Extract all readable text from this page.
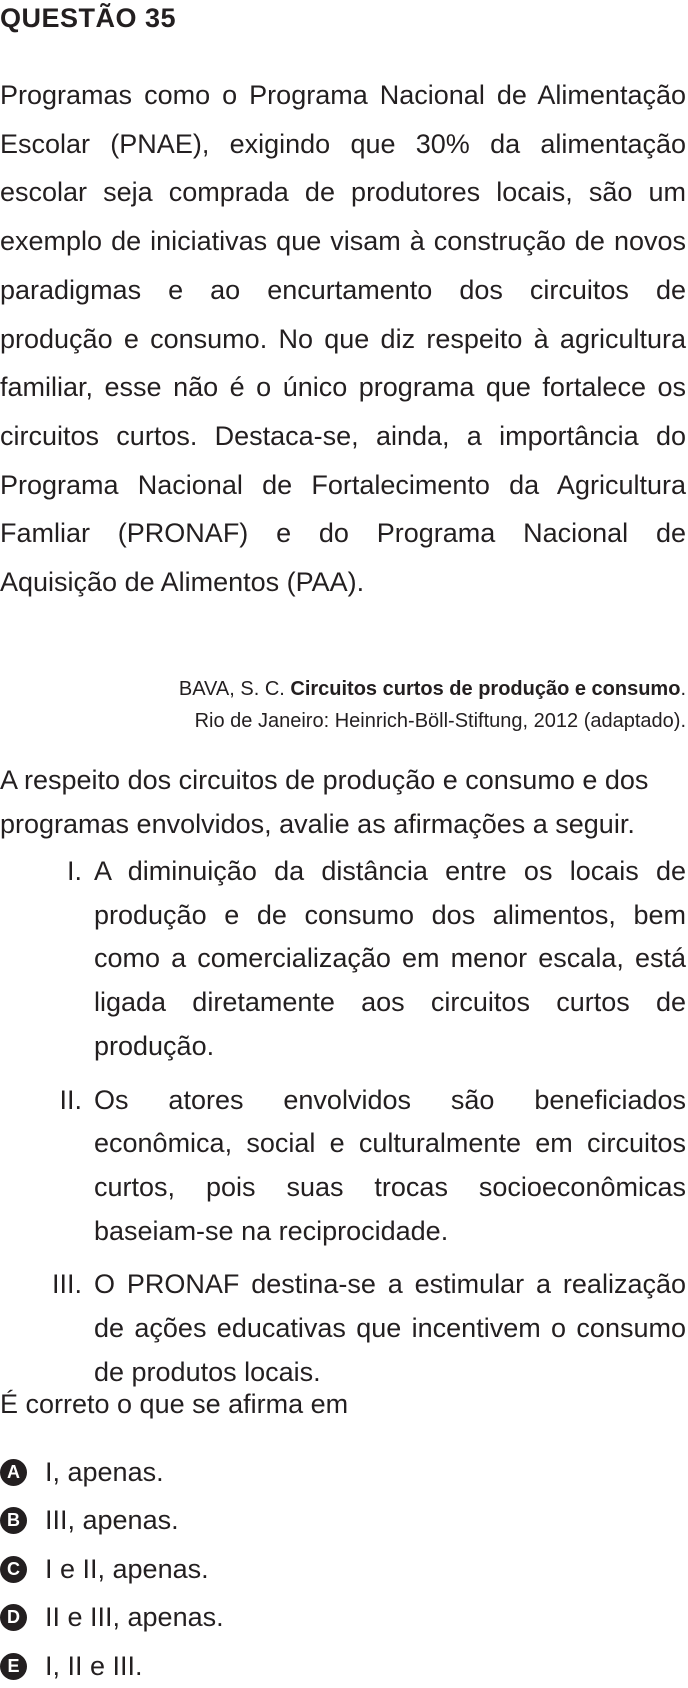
QUESTÃO 35

Programas como o Programa Nacional de Alimentação Escolar (PNAE), exigindo que 30% da alimentação escolar seja comprada de produtores locais, são um exemplo de iniciativas que visam à construção de novos paradigmas e ao encurtamento dos circuitos de produção e consumo. No que diz respeito à agricultura familiar, esse não é o único programa que fortalece os circuitos curtos. Destaca-se, ainda, a importância do Programa Nacional de Fortalecimento da Agricultura Famliar (PRONAF) e do Programa Nacional de Aquisição de Alimentos (PAA).

BAVA, S. C. Circuitos curtos de produção e consumo.
Rio de Janeiro: Heinrich-Böll-Stiftung, 2012 (adaptado).

A respeito dos circuitos de produção e consumo e dos programas envolvidos, avalie as afirmações a seguir.

I. A diminuição da distância entre os locais de produção e de consumo dos alimentos, bem como a comercialização em menor escala, está ligada diretamente aos circuitos curtos de produção.
II. Os atores envolvidos são beneficiados econômica, social e culturalmente em circuitos curtos, pois suas trocas socioeconômicas baseiam-se na reciprocidade.
III. O PRONAF destina-se a estimular a realização de ações educativas que incentivem o consumo de produtos locais.

É correto o que se afirma em

A I, apenas.
B III, apenas.
C I e II, apenas.
D II e III, apenas.
E I, II e III.
